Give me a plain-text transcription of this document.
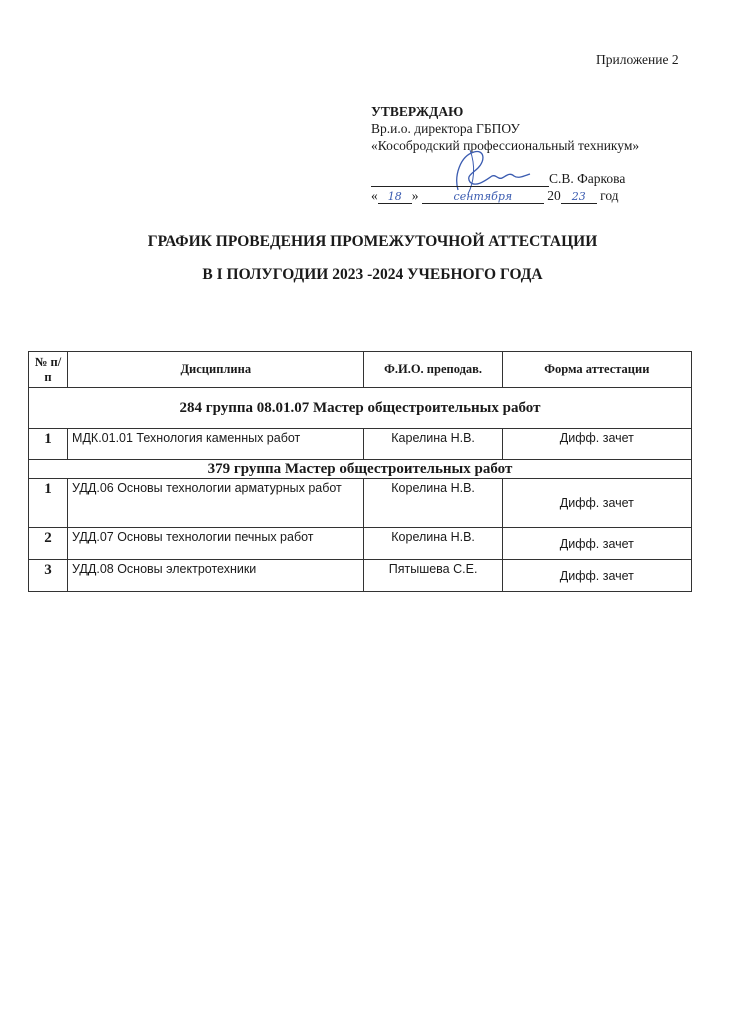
Приложение 2
УТВЕРЖДАЮ
Вр.и.о. директора ГБПОУ
«Кособродский профессиональный техникум»
С.В. Фаркова
« 18 »	сентября	20 23 год
ГРАФИК ПРОВЕДЕНИЯ ПРОМЕЖУТОЧНОЙ АТТЕСТАЦИИ
В I ПОЛУГОДИИ 2023 -2024 УЧЕБНОГО ГОДА
№ п/п	Дисциплина	Ф.И.О. преподав.	Форма аттестации
284 группа 08.01.07 Мастер общестроительных работ			
1	МДК.01.01 Технология каменных работ	Карелина Н.В.	Дифф. зачет
379 группа Мастер общестроительных работ			
1	УДД.06 Основы технологии арматурных работ	Корелина Н.В.	Дифф. зачет
2	УДД.07 Основы технологии печных работ	Корелина Н.В.	Дифф. зачет
3	УДД.08 Основы электротехники	Пятышева С.Е.	Дифф. зачет
